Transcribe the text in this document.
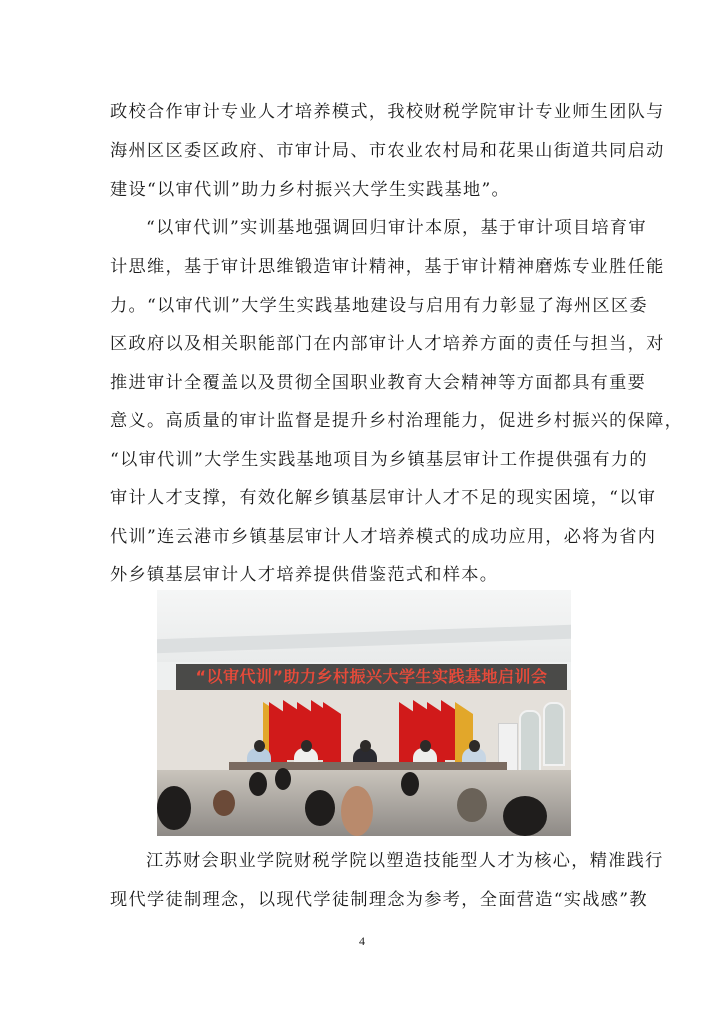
政校合作审计专业人才培养模式，我校财税学院审计专业师生团队与
海州区区委区政府、市审计局、市农业农村局和花果山街道共同启动
建设“以审代训”助力乡村振兴大学生实践基地”。
“以审代训”实训基地强调回归审计本原，基于审计项目培育审
计思维，基于审计思维锻造审计精神，基于审计精神磨炼专业胜任能
力。“以审代训”大学生实践基地建设与启用有力彰显了海州区区委
区政府以及相关职能部门在内部审计人才培养方面的责任与担当，对
推进审计全覆盖以及贯彻全国职业教育大会精神等方面都具有重要
意义。高质量的审计监督是提升乡村治理能力，促进乡村振兴的保障，
“以审代训”大学生实践基地项目为乡镇基层审计工作提供强有力的
审计人才支撑，有效化解乡镇基层审计人才不足的现实困境，“以审
代训”连云港市乡镇基层审计人才培养模式的成功应用，必将为省内
外乡镇基层审计人才培养提供借鉴范式和样本。
“以审代训”助力乡村振兴大学生实践基地启训会
江苏财会职业学院财税学院以塑造技能型人才为核心，精准践行
现代学徒制理念，以现代学徒制理念为参考，全面营造“实战感”教
4
